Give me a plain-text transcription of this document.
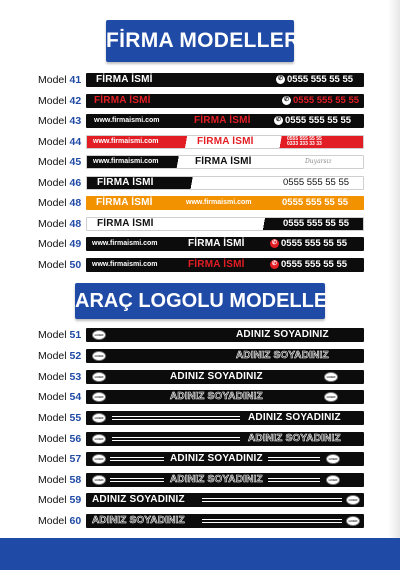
FİRMA MODELLERİ
Model 41	FİRMA İSMİ	✆ 0555 555 55 55
Model 42	FİRMA İSMİ	✆ 0555 555 55 55
Model 43	www.firmaismi.com	FİRMA İSMİ	✆ 0555 555 55 55
Model 44	www.firmaismi.com	FİRMA İSMİ	0555 555 55 55
0333 333 33 33
Model 45	www.firmaismi.com	FİRMA İSMİ	Duyarsız
Model 46	FİRMA İSMİ	0555 555 55 55
Model 48	FİRMA İSMİ	www.firmaismi.com	0555 555 55 55
Model 48	FİRMA İSMİ	0555 555 55 55
Model 49	www.firmaismi.com	FİRMA İSMİ	✆ 0555 555 55 55
Model 50	www.firmaismi.com	FİRMA İSMİ	✆ 0555 555 55 55
ARAÇ LOGOLU MODELLER
Model 51	LOGO	ADINIZ SOYADINIZ
Model 52	LOGO	ADINIZ SOYADINIZ
Model 53	LOGO	ADINIZ SOYADINIZ	LOGO
Model 54	LOGO	ADINIZ SOYADINIZ	LOGO
Model 55	LOGO	ADINIZ SOYADINIZ
Model 56	LOGO	ADINIZ SOYADINIZ
Model 57	LOGO	ADINIZ SOYADINIZ	LOGO
Model 58	LOGO	ADINIZ SOYADINIZ	LOGO
Model 59	ADINIZ SOYADINIZ	LOGO
Model 60	ADINIZ SOYADINIZ	LOGO
